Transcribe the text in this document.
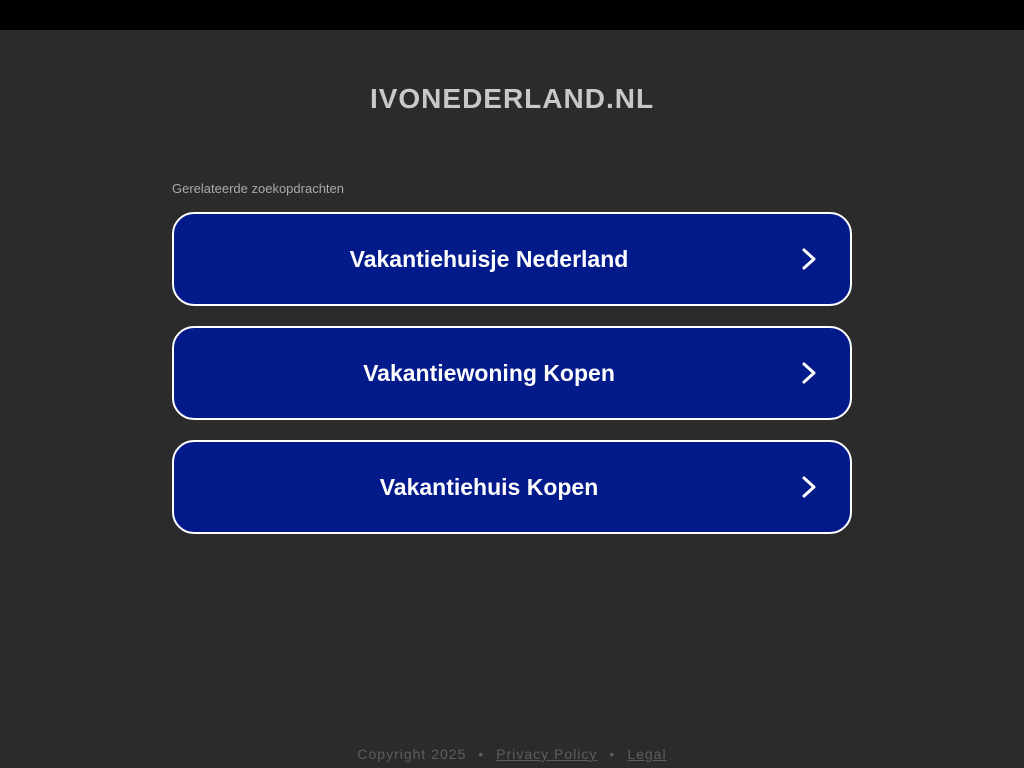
IVONEDERLAND.NL
Gerelateerde zoekopdrachten
Vakantiehuisje Nederland
Vakantiewoning Kopen
Vakantiehuis Kopen
Copyright 2025 • Privacy Policy • Legal
